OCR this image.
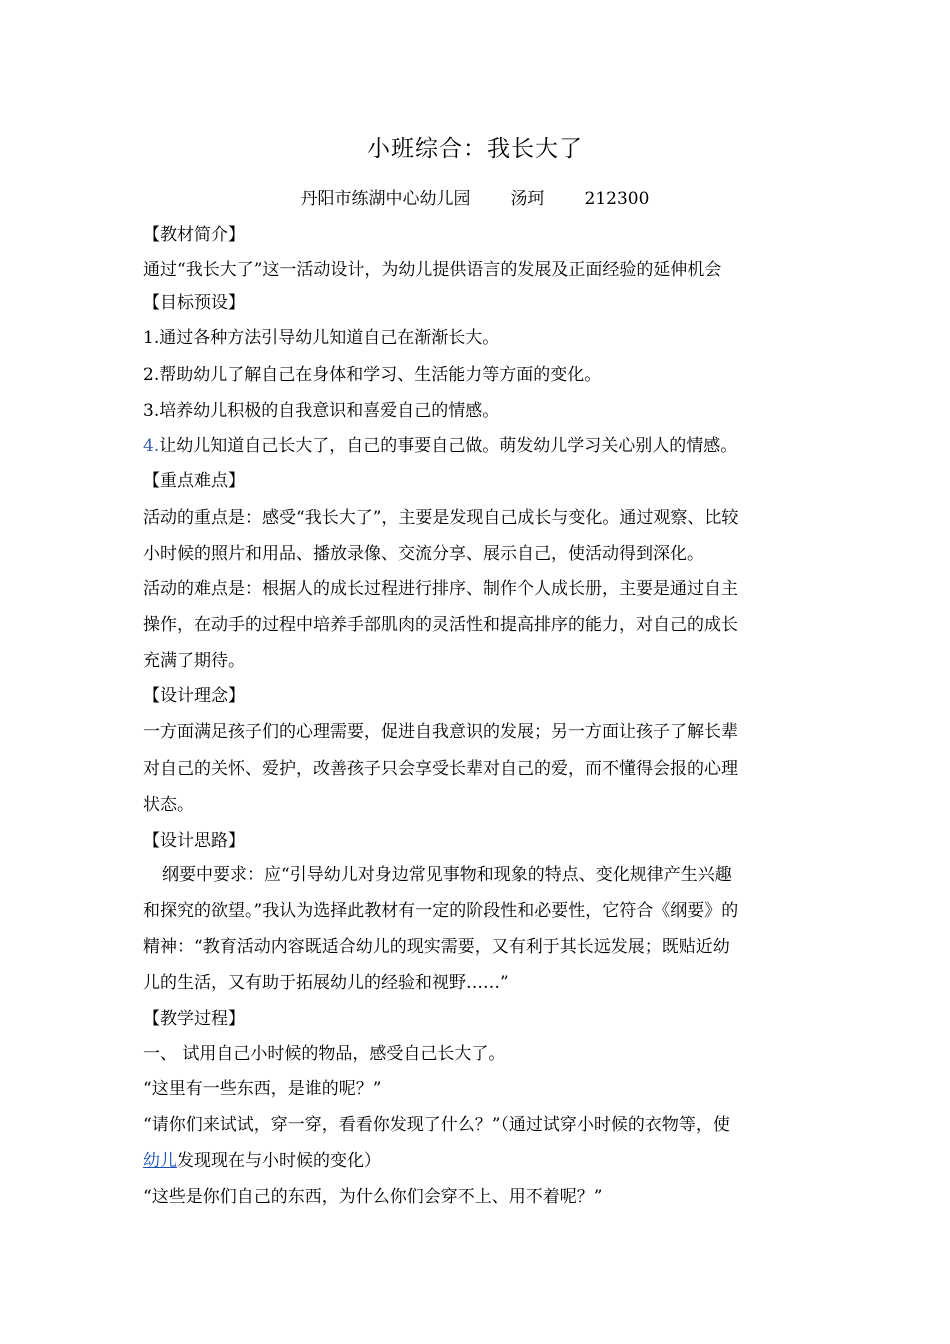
小班综合：我长大了
丹阳市练湖中心幼儿园 汤珂 212300
【教材简介】
通过“我长大了”这一活动设计，为幼儿提供语言的发展及正面经验的延伸机会
【目标预设】
1.通过各种方法引导幼儿知道自己在渐渐长大。
2.帮助幼儿了解自己在身体和学习、生活能力等方面的变化。
3.培养幼儿积极的自我意识和喜爱自己的情感。
4.让幼儿知道自己长大了，自己的事要自己做。萌发幼儿学习关心别人的情感。
【重点难点】
活动的重点是：感受“我长大了”，主要是发现自己成长与变化。通过观察、比较
小时候的照片和用品、播放录像、交流分享、展示自己，使活动得到深化。
活动的难点是：根据人的成长过程进行排序、制作个人成长册，主要是通过自主
操作，在动手的过程中培养手部肌肉的灵活性和提高排序的能力，对自己的成长
充满了期待。
【设计理念】
一方面满足孩子们的心理需要，促进自我意识的发展；另一方面让孩子了解长辈
对自己的关怀、爱护，改善孩子只会享受长辈对自己的爱，而不懂得会报的心理
状态。
【设计思路】
纲要中要求：应“引导幼儿对身边常见事物和现象的特点、变化规律产生兴趣
和探究的欲望。”我认为选择此教材有一定的阶段性和必要性，它符合《纲要》的
精神：“教育活动内容既适合幼儿的现实需要，又有利于其长远发展；既贴近幼
儿的生活，又有助于拓展幼儿的经验和视野……”
【教学过程】
一、 试用自己小时候的物品，感受自己长大了。
“这里有一些东西，是谁的呢？”
“请你们来试试，穿一穿，看看你发现了什么？”（通过试穿小时候的衣物等，使
幼儿发现现在与小时候的变化）
“这些是你们自己的东西，为什么你们会穿不上、用不着呢？”
